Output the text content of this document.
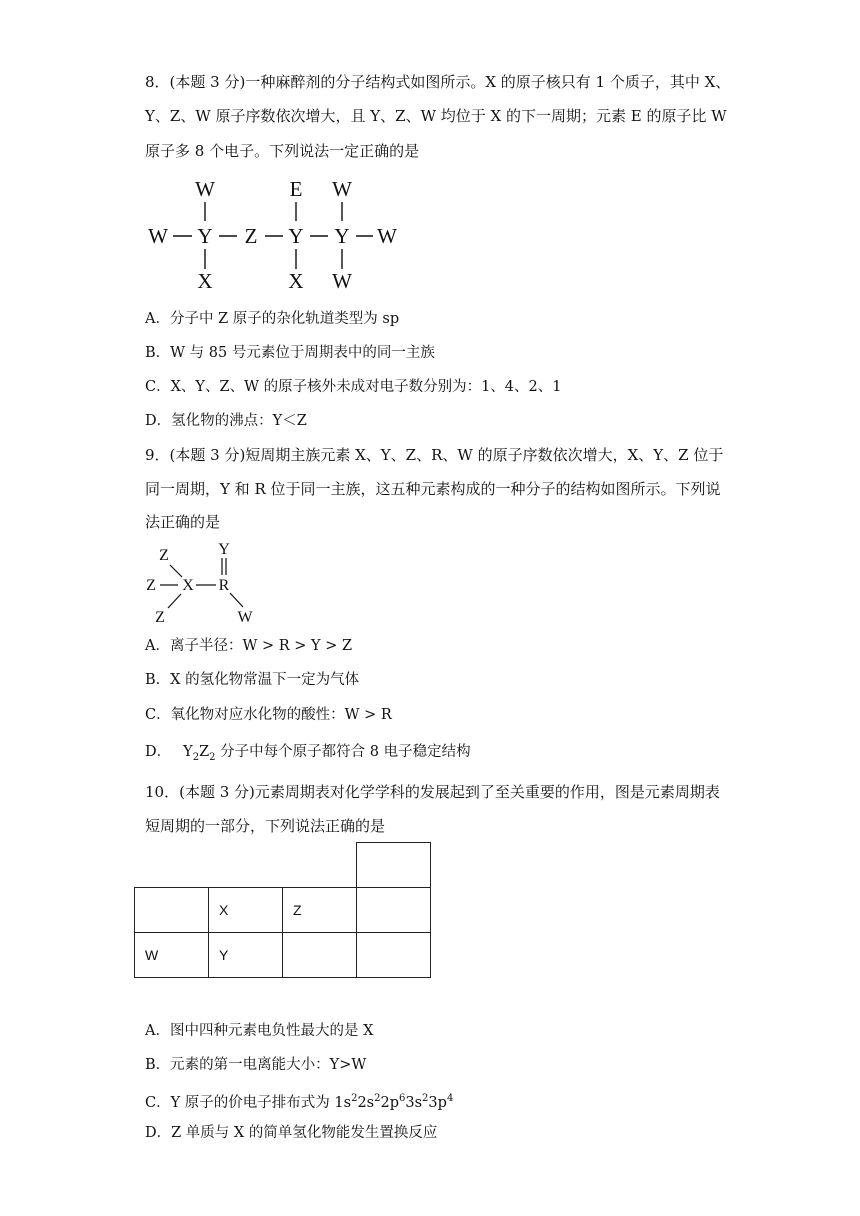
8．(本题 3 分)一种麻醉剂的分子结构式如图所示。X 的原子核只有 1 个质子，其中 X、
Y、Z、W 原子序数依次增大，且 Y、Z、W 均位于 X 的下一周期；元素 E 的原子比 W
原子多 8 个电子。下列说法一定正确的是
W
W Y Z Y Y W
X
E
X
W
W
A．分子中 Z 原子的杂化轨道类型为 sp
B．W 与 85 号元素位于周期表中的同一主族
C．X、Y、Z、W 的原子核外未成对电子数分别为：1、4、2、1
D．氢化物的沸点：Y＜Z
9．(本题 3 分)短周期主族元素 X、Y、Z、R、W 的原子序数依次增大，X、Y、Z 位于
同一周期，Y 和 R 位于同一主族，这五种元素构成的一种分子的结构如图所示。下列说
法正确的是
Z
Z
Z
X R
Y
W
A．离子半径：W > R > Y > Z
B．X 的氢化物常温下一定为气体
C．氧化物对应水化物的酸性：W > R
D． $Y_2Z_2$ 分子中每个原子都符合 8 电子稳定结构
10．(本题 3 分)元素周期表对化学学科的发展起到了至关重要的作用，图是元素周期表
短周期的一部分，下列说法正确的是

	X	Z	
W	Y		
A．图中四种元素电负性最大的是 X
B．元素的第一电离能大小：Y>W
C．Y 原子的价电子排布式为 $1s^22s^22p^63s^23p^4$
D．Z 单质与 X 的简单氢化物能发生置换反应
